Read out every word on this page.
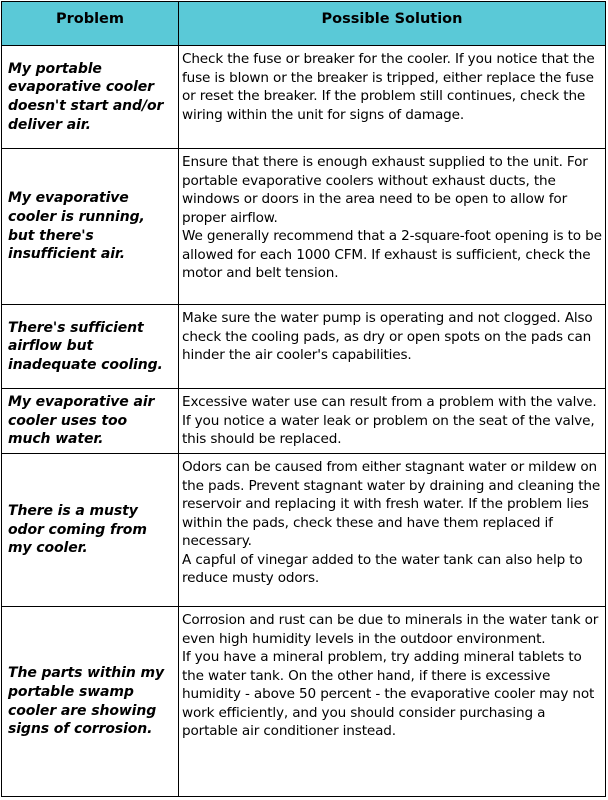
Problem	Possible Solution
My portable evaporative cooler doesn't start and/or deliver air.	Check the fuse or breaker for the cooler. If you notice that the fuse is blown or the breaker is tripped, either replace the fuse or reset the breaker. If the problem still continues, check the wiring within the unit for signs of damage.

My evaporative cooler is running, but there's insufficient air.	Ensure that there is enough exhaust supplied to the unit. For portable evaporative coolers without exhaust ducts, the windows or doors in the area need to be open to allow for proper airflow.
We generally recommend that a 2-square-foot opening is to be allowed for each 1000 CFM. If exhaust is sufficient, check the motor and belt tension.

There's sufficient airflow but inadequate cooling.	Make sure the water pump is operating and not clogged. Also check the cooling pads, as dry or open spots on the pads can hinder the air cooler's capabilities.

My evaporative air cooler uses too much water.	Excessive water use can result from a problem with the valve. If you notice a water leak or problem on the seat of the valve, this should be replaced.

There is a musty odor coming from my cooler.	Odors can be caused from either stagnant water or mildew on the pads. Prevent stagnant water by draining and cleaning the reservoir and replacing it with fresh water. If the problem lies within the pads, check these and have them replaced if necessary.
A capful of vinegar added to the water tank can also help to reduce musty odors.

The parts within my portable swamp cooler are showing signs of corrosion.	Corrosion and rust can be due to minerals in the water tank or even high humidity levels in the outdoor environment.
If you have a mineral problem, try adding mineral tablets to the water tank. On the other hand, if there is excessive humidity - above 50 percent - the evaporative cooler may not work efficiently, and you should consider purchasing a portable air conditioner instead.
